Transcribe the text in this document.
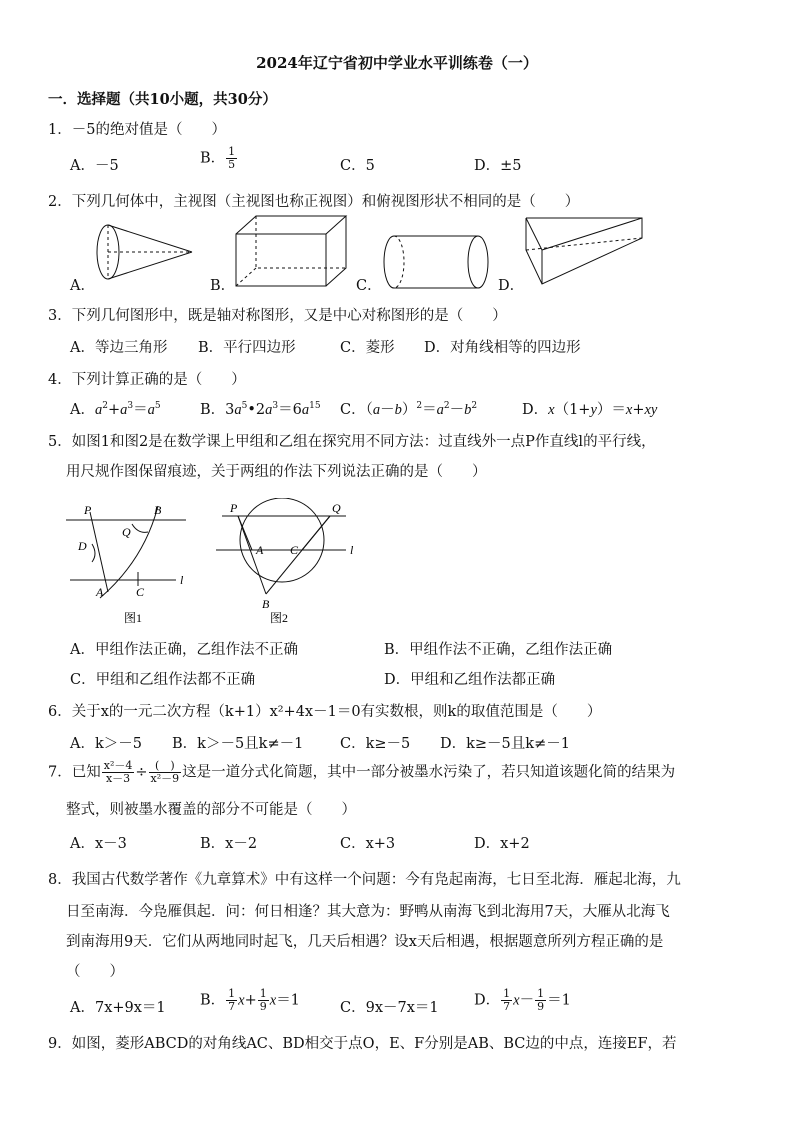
2024年辽宁省初中学业水平训练卷（一）
一．选择题（共10小题，共30分）
1．－5的绝对值是（　　）
A．－5	B． $\frac{1}{5}$	C．5	D．±5
2．下列几何体中，主视图（主视图也称正视图）和俯视图形状不相同的是（　　）
A．	B．	C．	D．
3．下列几何图形中，既是轴对称图形，又是中心对称图形的是（　　）
A．等边三角形 B．平行四边形	C．菱形 D．对角线相等的四边形
4．下列计算正确的是（　　）
A．$a^2+a^3=a^5$	B．$3a^5•2a^3=6a^{15}$ C．$(a-b)^2=a^2-b^2$	D．x（1+y）＝x+xy
5．如图1和图2是在数学课上甲组和乙组在探究用不同方法：过直线外一点P作直线l的平行线，
用尺规作图保留痕迹，关于两组的作法下列说法正确的是（　　）
P	B
Q
D
A	C
l
图1
P	Q
A C	l
B
图2
A．甲组作法正确，乙组作法不正确	B．甲组作法不正确，乙组作法正确
C．甲组和乙组作法都不正确	D．甲组和乙组作法都正确
6．关于x的一元二次方程（k+1）x²+4x－1＝0有实数根，则k的取值范围是（　　）
A．k＞－5 B．k＞－5且k≠－1	C．k≥－5 D．k≥－5且k≠－1
7．已知 $\frac{\text{x²－4}}{x-3} \div \frac{( )}{\text{x²－9}}$ 这是一道分式化简题，其中一部分被墨水污染了，若只知道该题化简的结果为
整式，则被墨水覆盖的部分不可能是（　　）
A．x－3	B．x－2	C．x+3	D．x+2
8．我国古代数学著作《九章算术》中有这样一个问题：今有凫起南海，七日至北海．雁起北海，九
日至南海．今凫雁俱起．问：何日相逢？其大意为：野鸭从南海飞到北海用7天，大雁从北海飞
到南海用9天．它们从两地同时起飞，几天后相遇？设x天后相遇，根据题意所列方程正确的是
（　　）
A．7x+9x＝1 B． $\frac{1}{7} x+ \frac{1}{9} x=1$	C．9x－7x＝1 D． $\frac{1}{7} x- \frac{1}{9} =1$
9．如图，菱形ABCD的对角线AC、BD相交于点O，E、F分别是AB、BC边的中点，连接EF，若
